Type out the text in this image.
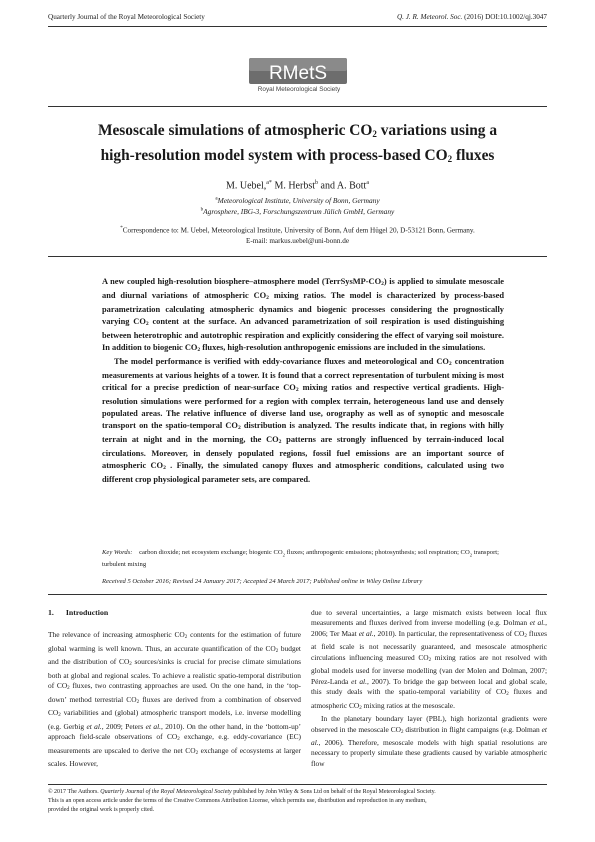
Quarterly Journal of the Royal Meteorological Society	Q. J. R. Meteorol. Soc. (2016) DOI:10.1002/qj.3047
RMetS
Royal Meteorological Society
Mesoscale simulations of atmospheric $CO_2$ variations using a
high-resolution model system with process-based $CO_2$ fluxes
M. Uebel,$^{a*}$ M. Herbst$^b$ and A. Bott$^a$
$^a$Meteorological Institute, University of Bonn, Germany
$^b$Agrosphere, IBG-3, Forschungszentrum Jülich GmbH, Germany
*Correspondence to: M. Uebel, Meteorological Institute, University of Bonn, Auf dem Hügel 20, D-53121 Bonn, Germany.
E-mail: markus.uebel@uni-bonn.de

A new coupled high-resolution biosphere–atmosphere model $(TerrSysMP-CO_2)$ is applied to simulate mesoscale and diurnal variations of atmospheric $CO_2$ mixing ratios. The model is characterized by process-based parametrization calculating atmospheric dynamics and biogenic processes considering the prognostically varying $CO_2$ content at the surface. An advanced parametrization of soil respiration is used distinguishing between heterotrophic and autotrophic respiration and explicitly considering the effect of varying soil moisture. In addition to biogenic $CO_2$ fluxes, high-resolution anthropogenic emissions are included in the simulations.

The model performance is verified with eddy-covariance fluxes and meteorological and $CO_2$ concentration measurements at various heights of a tower. It is found that a correct representation of turbulent mixing is most critical for a precise prediction of near-surface $CO_2$ mixing ratios and respective vertical gradients. High-resolution simulations were performed for a region with complex terrain, heterogeneous land use and densely populated areas. The relative influence of diverse land use, orography as well as of synoptic and mesoscale transport on the spatio-temporal $CO_2$ distribution is analyzed. The results indicate that, in regions with hilly terrain at night and in the morning, the $CO_2$ patterns are strongly influenced by terrain-induced local circulations. Moreover, in densely populated regions, fossil fuel emissions are an important source of atmospheric $CO_2$ . Finally, the simulated canopy fluxes and atmospheric conditions, calculated using two different crop physiological parameter sets, are compared.

Key Words: carbon dioxide; net ecosystem exchange; biogenic $CO_2$ fluxes; anthropogenic emissions; photosynthesis; soil respiration; $CO_2$ transport; turbulent mixing
Received 5 October 2016; Revised 24 January 2017; Accepted 24 March 2017; Published online in Wiley Online Library

1. Introduction

The relevance of increasing atmospheric $CO_2$ contents for the estimation of future global warming is well known. Thus, an accurate quantification of the $CO_2$ budget and the distribution of $CO_2$ sources/sinks is crucial for precise climate simulations both at global and regional scales. To achieve a realistic spatio-temporal distribution of $CO_2$ fluxes, two contrasting approaches are used. On the one hand, in the ‘top-down’ method terrestrial $CO_2$ fluxes are derived from a combination of observed $CO_2$ variabilities and (global) atmospheric transport models, i.e. inverse modelling (e.g. Gerbig et al., 2009; Peters et al., 2010). On the other hand, in the ‘bottom-up’ approach field-scale observations of $CO_2$ exchange, e.g. eddy-covariance (EC) measurements are upscaled to derive the net $CO_2$ exchange of ecosystems at larger scales. However,

due to several uncertainties, a large mismatch exists between local flux measurements and fluxes derived from inverse modelling (e.g. Dolman et al., 2006; Ter Maat et al., 2010). In particular, the representativeness of $CO_2$ fluxes at field scale is not necessarily guaranteed, and mesoscale atmospheric circulations influencing measured $CO_2$ mixing ratios are not resolved with global models used for inverse modelling (van der Molen and Dolman, 2007; Pérez-Landa et al., 2007). To bridge the gap between local and global scale, this study deals with the spatio-temporal variability of $CO_2$ fluxes and atmospheric $CO_2$ mixing ratios at the mesoscale.

In the planetary boundary layer (PBL), high horizontal gradients were observed in the mesoscale $CO_2$ distribution in flight campaigns (e.g. Dolman et al., 2006). Therefore, mesoscale models with high spatial resolutions are necessary to properly simulate these gradients caused by variable atmospheric flow

© 2017 The Authors. Quarterly Journal of the Royal Meteorological Society published by John Wiley & Sons Ltd on behalf of the Royal Meteorological Society.
This is an open access article under the terms of the Creative Commons Attribution License, which permits use, distribution and reproduction in any medium,
provided the original work is properly cited.
